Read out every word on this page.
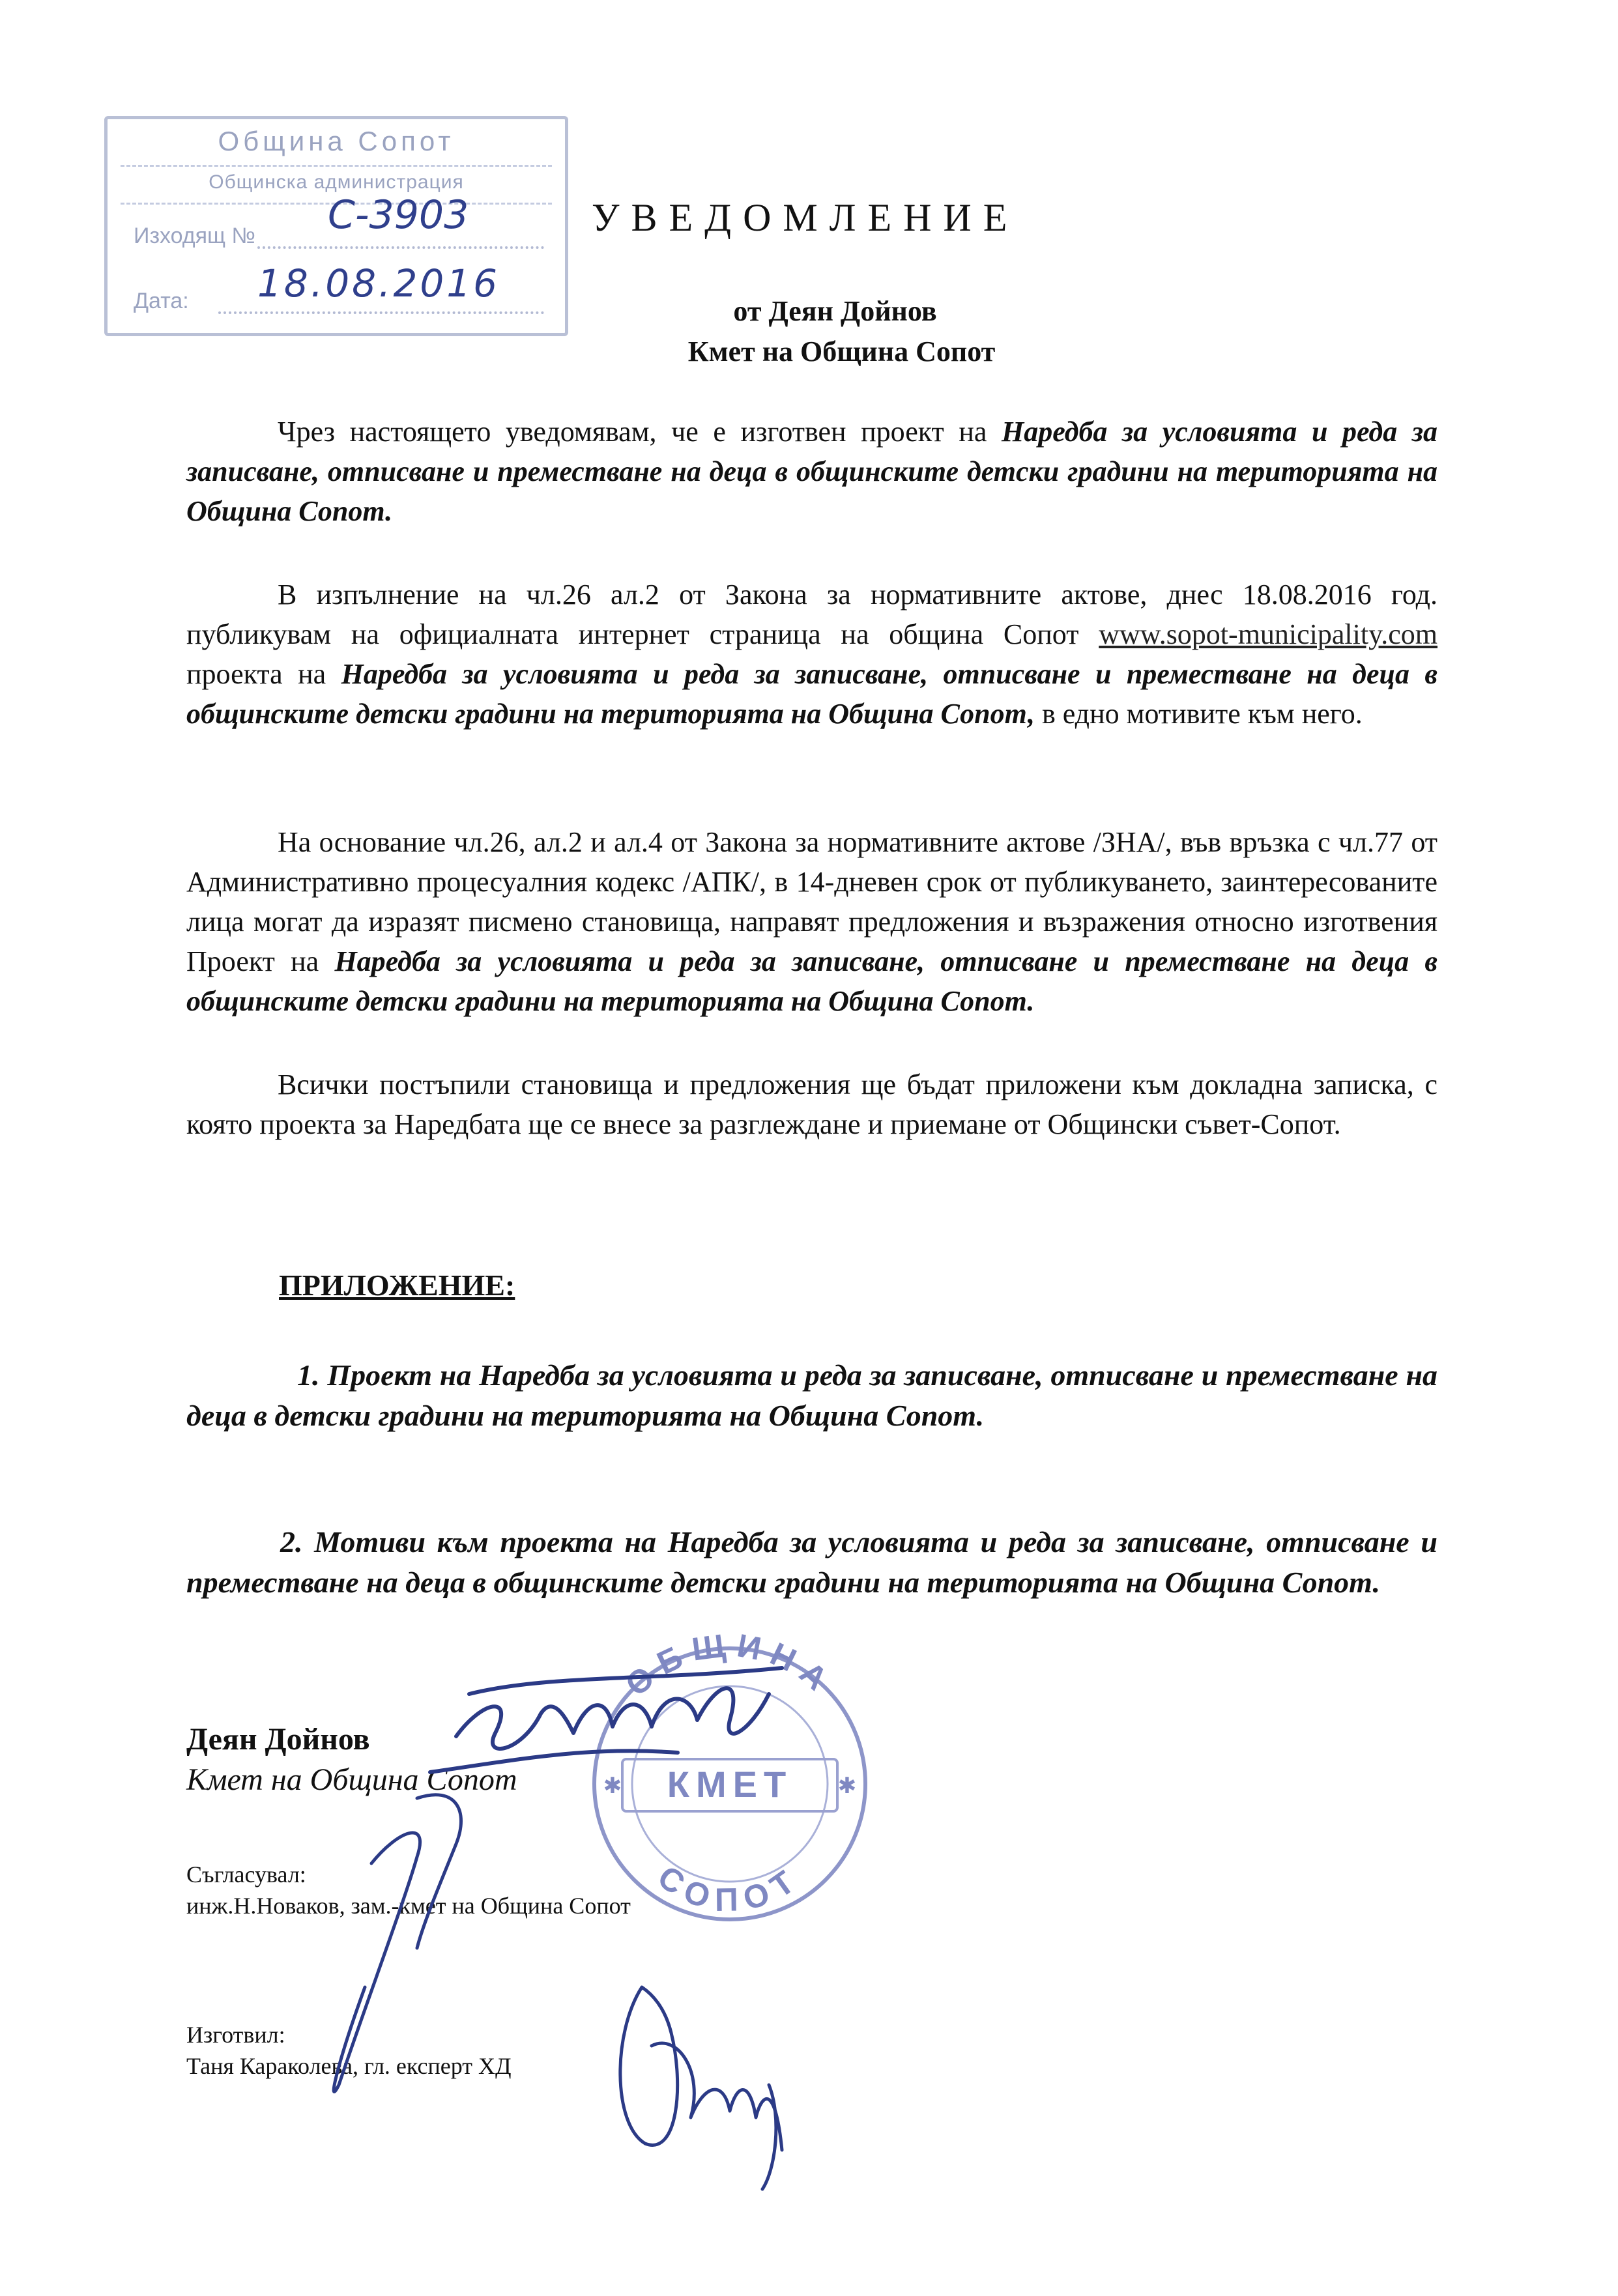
Община Сопот
Общинска администрация
Изходящ № С-3903
Дата: 18.08.2016
УВЕДОМЛЕНИЕ
от Деян Дойнов
Кмет на Община Сопот

Чрез настоящето уведомявам, че е изготвен проект на Наредба за условията и реда за записване, отписване и преместване на деца в общинските детски градини на територията на Община Сопот.

В изпълнение на чл.26 ал.2 от Закона за нормативните актове, днес 18.08.2016 год. публикувам на официалната интернет страница на община Сопот www.sopot-municipality.com проекта на Наредба за условията и реда за записване, отписване и преместване на деца в общинските детски градини на територията на Община Сопот, в едно мотивите към него.

На основание чл.26, ал.2 и ал.4 от Закона за нормативните актове /ЗНА/, във връзка с чл.77 от Административно процесуалния кодекс /АПК/, в 14-дневен срок от публикуването, заинтересованите лица могат да изразят писмено становища, направят предложения и възражения относно изготвения Проект на Наредба за условията и реда за записване, отписване и преместване на деца в общинските детски градини на територията на Община Сопот.

Всички постъпили становища и предложения ще бъдат приложени към докладна записка, с която проекта за Наредбата ще се внесе за разглеждане и приемане от Общински съвет-Сопот.

ПРИЛОЖЕНИЕ:

1. Проект на Наредба за условията и реда за записване, отписване и преместване на деца в детски градини на територията на Община Сопот.

2. Мотиви към проекта на Наредба за условията и реда за записване, отписване и преместване на деца в общинските детски градини на територията на Община Сопот.

Деян Дойнов
Кмет на Община Сопот
Съгласувал:
инж.Н.Новаков, зам.-кмет на Община Сопот
Изготвил:
Таня Караколева, гл. експерт ХД
ОБЩИНА
СОПОТ
КМЕТ
✱	✱
